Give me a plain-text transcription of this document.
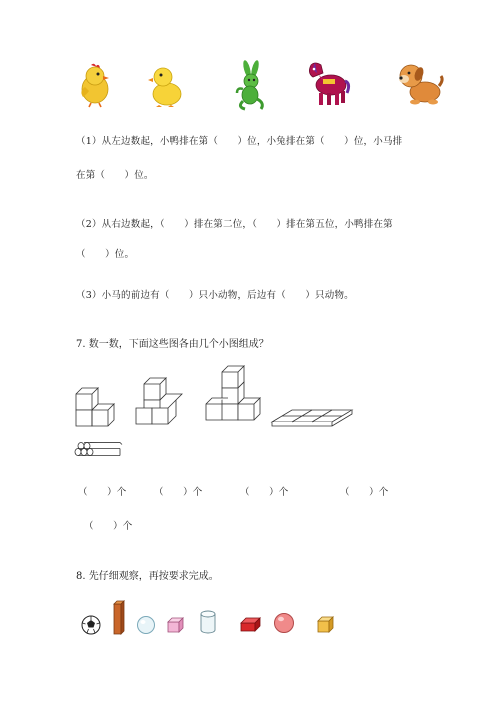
（1）从左边数起，小鸭排在第（　　）位，小兔排在第（　　）位，小马排
在第（　　）位。
（2）从右边数起，（　　）排在第二位，（　　）排在第五位，小鸭排在第
（　　）位。
（3）小马的前边有（　　）只小动物，后边有（　　）只动物。
7. 数一数，下面这些图各由几个小图组成？
（　　）个	（　　）个	（　　）个	（　　）个
（　　）个
8. 先仔细观察，再按要求完成。
